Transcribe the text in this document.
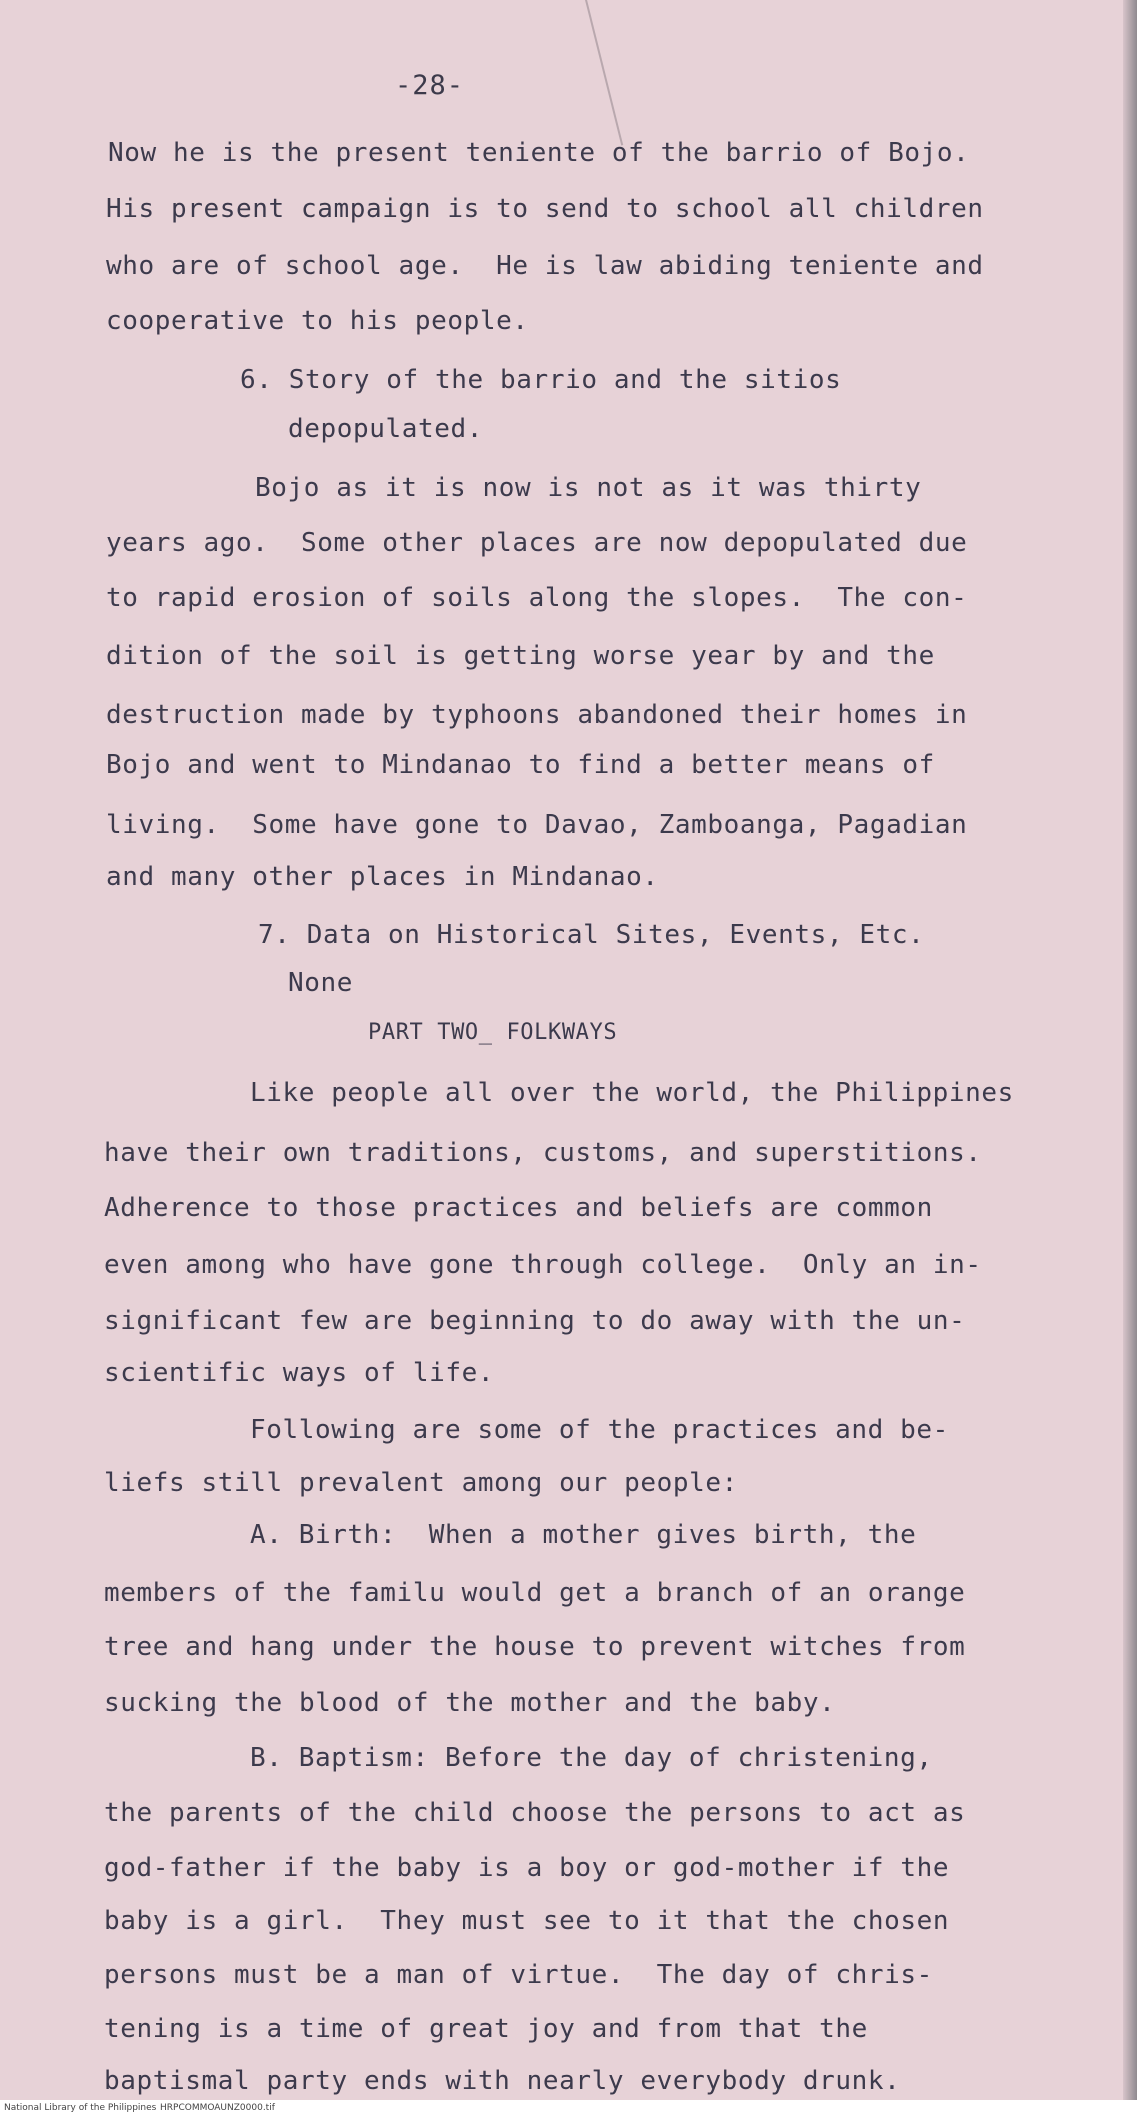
-28-
Now he is the present teniente of the barrio of Bojo.
His present campaign is to send to school all children
who are of school age.  He is law abiding teniente and
cooperative to his people.
6. Story of the barrio and the sitios
depopulated.
Bojo as it is now is not as it was thirty
years ago.  Some other places are now depopulated due
to rapid erosion of soils along the slopes.  The con-
dition of the soil is getting worse year by and the
destruction made by typhoons abandoned their homes in
Bojo and went to Mindanao to find a better means of
living.  Some have gone to Davao, Zamboanga, Pagadian
and many other places in Mindanao.
7. Data on Historical Sites, Events, Etc.
None
PART TWO_ FOLKWAYS
Like people all over the world, the Philippines
have their own traditions, customs, and superstitions.
Adherence to those practices and beliefs are common
even among who have gone through college.  Only an in-
significant few are beginning to do away with the un-
scientific ways of life.
Following are some of the practices and be-
liefs still prevalent among our people:
A. Birth:  When a mother gives birth, the
members of the familu would get a branch of an orange
tree and hang under the house to prevent witches from
sucking the blood of the mother and the baby.
B. Baptism: Before the day of christening,
the parents of the child choose the persons to act as
god-father if the baby is a boy or god-mother if the
baby is a girl.  They must see to it that the chosen
persons must be a man of virtue.  The day of chris-
tening is a time of great joy and from that the
baptismal party ends with nearly everybody drunk.
National Library of the Philippines HRPCOMMOAUNZ0000.tif
